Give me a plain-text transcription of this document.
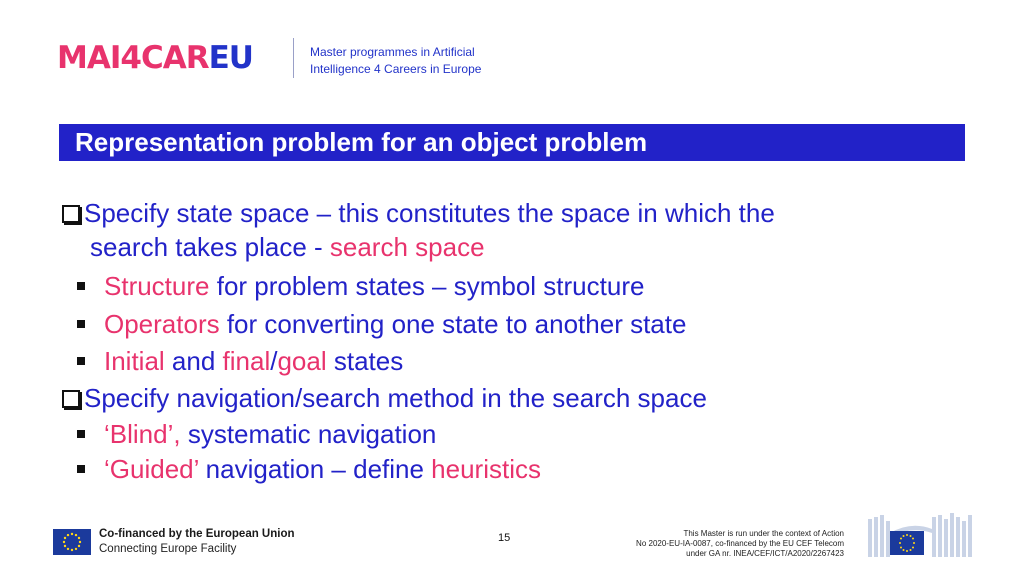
MA I4CAR EU	Master programmes in Artificial
Intelligence 4 Careers in Europe
Representation problem for an object problem
Specify state space – this constitutes the space in which the
search takes place - search space
Structure for problem states – symbol structure
Operators for converting one state to another state
Initial and final/goal states
Specify navigation/search method in the search space
‘Blind’, systematic navigation
‘Guided’ navigation – define heuristics
Co-financed by the European Union
Connecting Europe Facility
15	This Master is run under the context of Action
No 2020-EU-IA-0087, co-financed by the EU CEF Telecom
under GA nr. INEA/CEF/ICT/A2020/2267423
